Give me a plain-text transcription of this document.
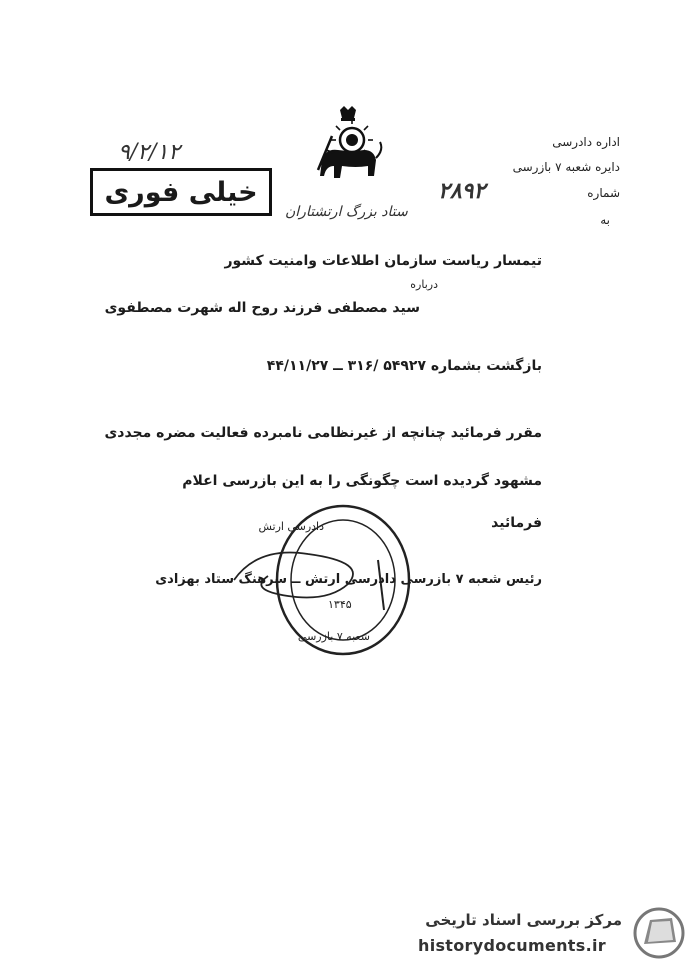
ستاد بزرگ ارتشتاران
اداره دادرسی
دایره شعبه ۷ بازرسی
شماره
۲۸۹۲
به
۹/۲/۱۲
خیلی فوری
تیمسار ریاست سازمان اطلاعات وامنیت کشور
درباره
سید مصطفی فرزند روح اله شهرت مصطفوی
بازگشت بشماره ۵۴۹۲۷ /۳۱۶ ــ ۴۴/۱۱/۲۷
مقرر فرمائید چنانچه از غیرنظامی نامبرده فعالیت مضره مجددی
مشهود گردیده است چگونگی را به این بازرسی اعلام
فرمائید
دادرسی ارتش
۱۳۴۵
شعبه ۷ بازرسی
رئیس شعبه ۷ بازرسی دادرسی ارتش ــ سرهنگ ستاد بهزادی
مرکز بررسی اسناد تاریخی
historydocuments.ir
